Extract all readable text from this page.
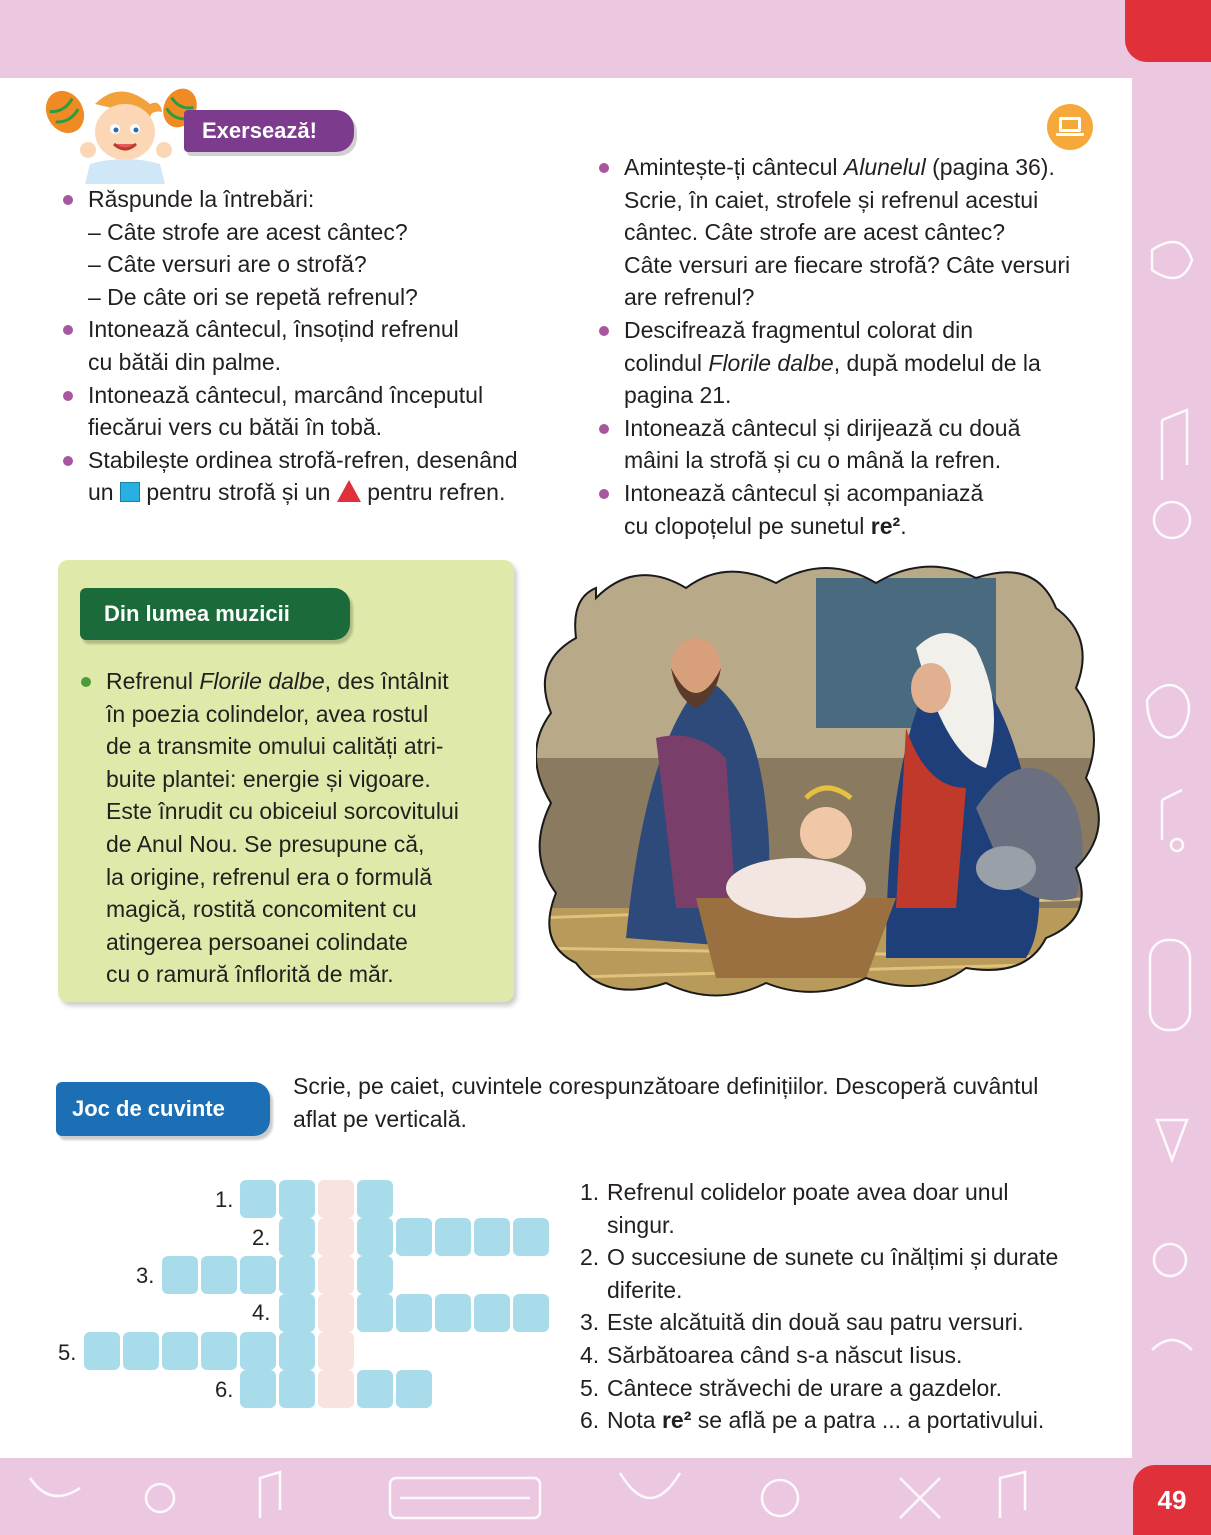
49
Exersează!
Răspunde la întrebări:
– Câte strofe are acest cântec?
– Câte versuri are o strofă?
– De câte ori se repetă refrenul?
Intonează cântecul, însoțind refrenul
cu bătăi din palme.
Intonează cântecul, marcând începutul
fiecărui vers cu bătăi în tobă.
Stabilește ordinea strofă-refren, desenând
un pentru strofă și un pentru refren.
Amintește-ți cântecul Alunelul (pagina 36).
Scrie, în caiet, strofele și refrenul acestui
cântec. Câte strofe are acest cântec?
Câte versuri are fiecare strofă? Câte versuri
are refrenul?
Descifrează fragmentul colorat din
colindul Florile dalbe, după modelul de la
pagina 21.
Intonează cântecul și dirijează cu două
mâini la strofă și cu o mână la refren.
Intonează cântecul și acompaniază
cu clopoțelul pe sunetul re².
Din lumea muzicii
Refrenul Florile dalbe, des întâlnit
în poezia colindelor, avea rostul
de a transmite omului calități atri-
buite plantei: energie și vigoare.
Este înrudit cu obiceiul sorcovitului
de Anul Nou. Se presupune că,
la origine, refrenul era o formulă
magică, rostită concomitent cu
atingerea persoanei colindate
cu o ramură înflorită de măr.
Joc de cuvinte
Scrie, pe caiet, cuvintele corespunzătoare definițiilor. Descoperă cuvântul
aflat pe verticală.
1.
2.
3.
4.
5.
6.
1. Refrenul colidelor poate avea doar unul
singur.
2. O succesiune de sunete cu înălțimi și durate
diferite.
3. Este alcătuită din două sau patru versuri.
4. Sărbătoarea când s-a născut Iisus.
5. Cântece străvechi de urare a gazdelor.
6. Nota re² se află pe a patra ... a portativului.
